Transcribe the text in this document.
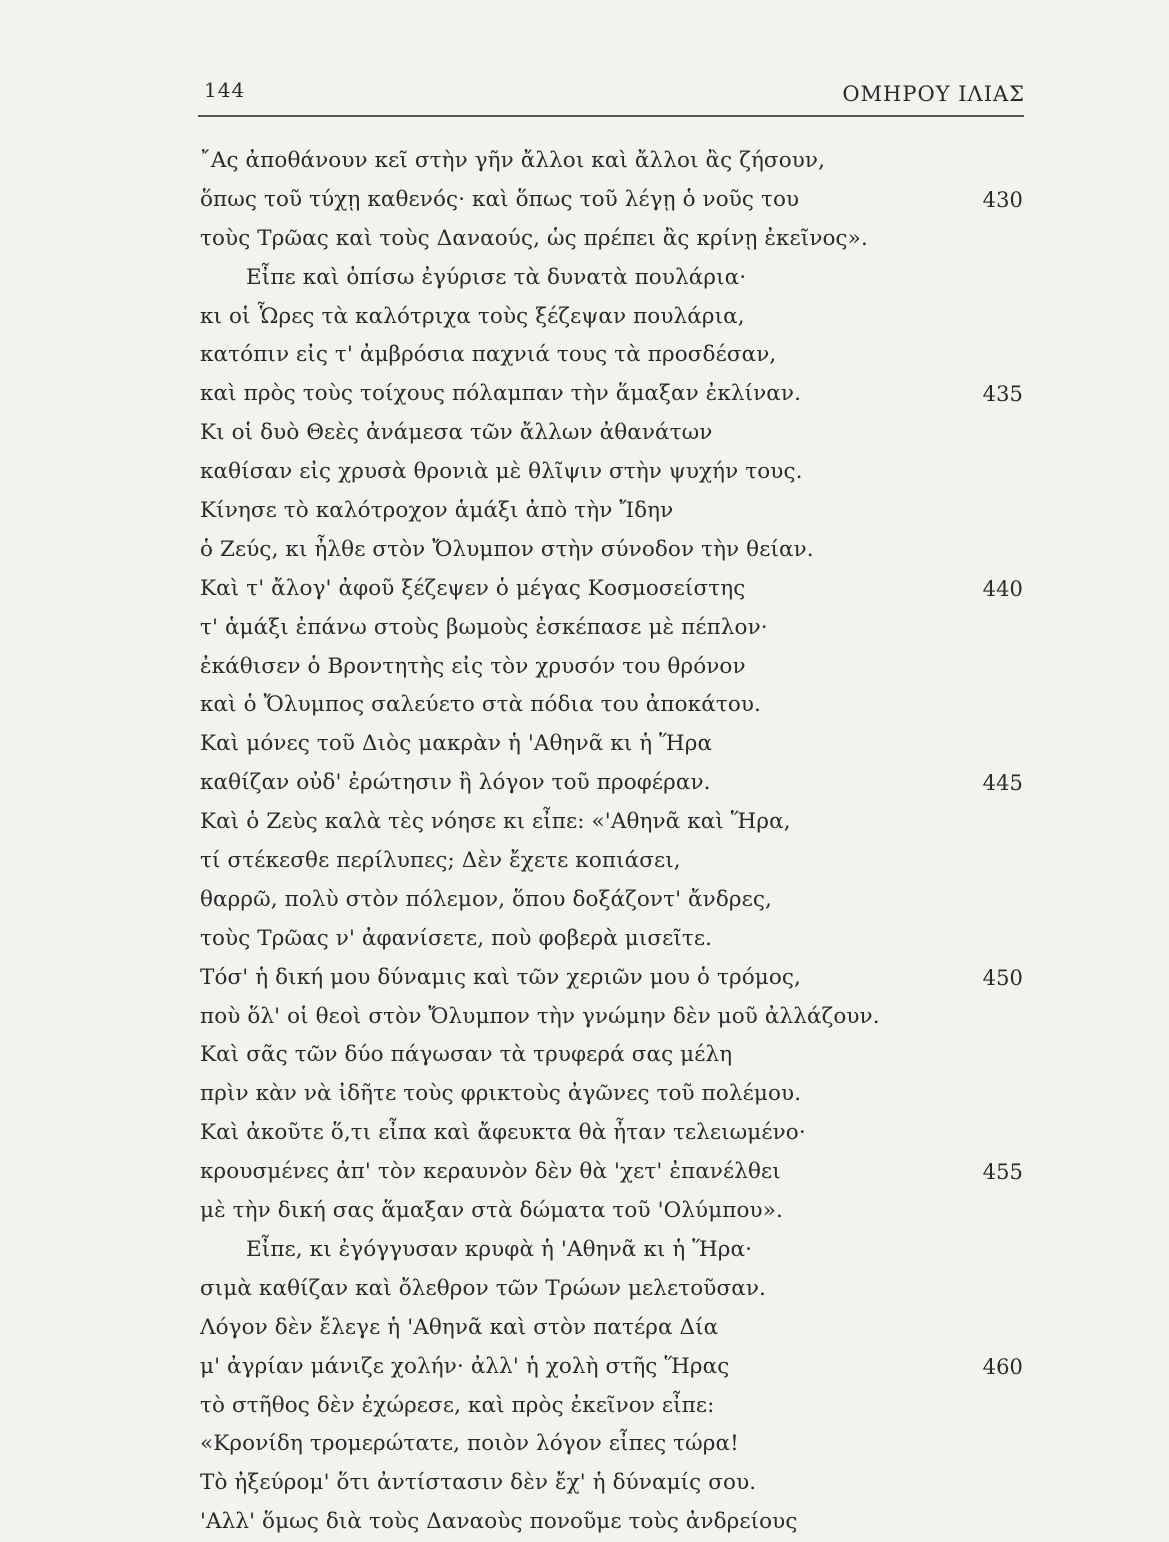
144	ΟΜΗΡΟΥ ΙΛΙΑΣ
῎Ας ἀποθάνουν κεῖ στὴν γῆν ἄλλοι καὶ ἄλλοι ἂς ζήσουν,
ὅπως τοῦ τύχῃ καθενός· καὶ ὅπως τοῦ λέγῃ ὁ νοῦς του	430
τοὺς Τρῶας καὶ τοὺς Δαναούς, ὡς πρέπει ἂς κρίνῃ ἐκεῖνος».
Εἶπε καὶ ὀπίσω ἐγύρισε τὰ δυνατὰ πουλάρια·
κι οἱ Ὧρες τὰ καλότριχα τοὺς ξέζεψαν πουλάρια,
κατόπιν εἰς τ' ἀμβρόσια παχνιά τους τὰ προσδέσαν,
καὶ πρὸς τοὺς τοίχους πόλαμπαν τὴν ἅμαξαν ἐκλίναν.	435
Κι οἱ δυὸ Θεὲς ἀνάμεσα τῶν ἄλλων ἀθανάτων
καθίσαν εἰς χρυσὰ θρονιὰ μὲ θλῖψιν στὴν ψυχήν τους.
Κίνησε τὸ καλότροχον ἁμάξι ἀπὸ τὴν Ἴδην
ὁ Ζεύς, κι ἦλθε στὸν Ὄλυμπον στὴν σύνοδον τὴν θείαν.
Καὶ τ' ἄλογ' ἀφοῦ ξέζεψεν ὁ μέγας Κοσμοσείστης	440
τ' ἁμάξι ἐπάνω στοὺς βωμοὺς ἐσκέπασε μὲ πέπλον·
ἐκάθισεν ὁ Βροντητὴς εἰς τὸν χρυσόν του θρόνον
καὶ ὁ Ὄλυμπος σαλεύετο στὰ πόδια του ἀποκάτου.
Καὶ μόνες τοῦ Διὸς μακρὰν ἡ 'Αθηνᾶ κι ἡ Ἥρα
καθίζαν οὐδ' ἐρώτησιν ἢ λόγον τοῦ προφέραν.	445
Καὶ ὁ Ζεὺς καλὰ τὲς νόησε κι εἶπε: «'Αθηνᾶ καὶ Ἥρα,
τί στέκεσθε περίλυπες; Δὲν ἔχετε κοπιάσει,
θαρρῶ, πολὺ στὸν πόλεμον, ὅπου δοξάζοντ' ἄνδρες,
τοὺς Τρῶας ν' ἀφανίσετε, ποὺ φοβερὰ μισεῖτε.
Τόσ' ἡ δική μου δύναμις καὶ τῶν χεριῶν μου ὁ τρόμος,	450
ποὺ ὅλ' οἱ θεοὶ στὸν Ὄλυμπον τὴν γνώμην δὲν μοῦ ἀλλάζουν.
Καὶ σᾶς τῶν δύο πάγωσαν τὰ τρυφερά σας μέλη
πρὶν κὰν νὰ ἰδῆτε τοὺς φρικτοὺς ἀγῶνες τοῦ πολέμου.
Καὶ ἀκοῦτε ὅ,τι εἶπα καὶ ἄφευκτα θὰ ἦταν τελειωμένο·
κρουσμένες ἀπ' τὸν κεραυνὸν δὲν θὰ 'χετ' ἐπανέλθει	455
μὲ τὴν δική σας ἅμαξαν στὰ δώματα τοῦ 'Ολύμπου».
Εἶπε, κι ἐγόγγυσαν κρυφὰ ἡ 'Αθηνᾶ κι ἡ Ἥρα·
σιμὰ καθίζαν καὶ ὄλεθρον τῶν Τρώων μελετοῦσαν.
Λόγον δὲν ἔλεγε ἡ 'Αθηνᾶ καὶ στὸν πατέρα Δία
μ' ἀγρίαν μάνιζε χολήν· ἀλλ' ἡ χολὴ στῆς Ἥρας	460
τὸ στῆθος δὲν ἐχώρεσε, καὶ πρὸς ἐκεῖνον εἶπε:
«Κρονίδη τρομερώτατε, ποιὸν λόγον εἶπες τώρα!
Τὸ ἠξεύρομ' ὅτι ἀντίστασιν δὲν ἔχ' ἡ δύναμίς σου.
'Αλλ' ὅμως διὰ τοὺς Δαναοὺς πονοῦμε τοὺς ἀνδρείους
